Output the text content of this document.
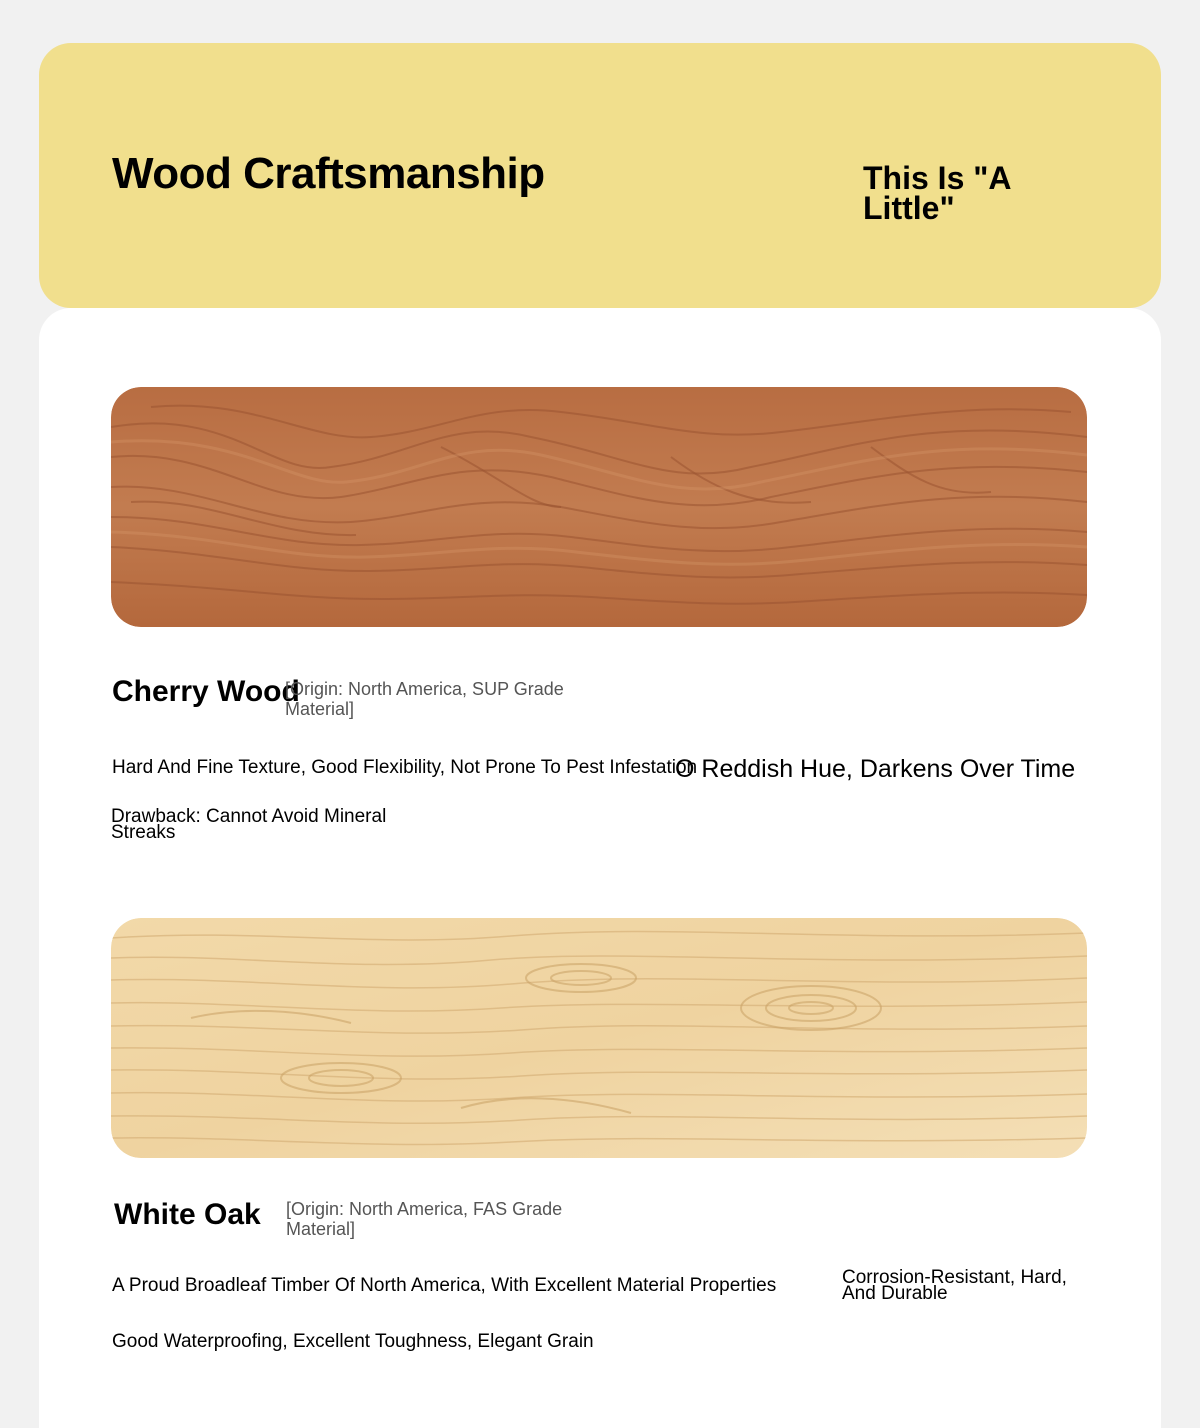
Wood Craftsmanship	This Is "A Little"
Cherry Wood
[Origin: North America, SUP Grade Material]
Hard And Fine Texture, Good Flexibility, Not Prone To Pest Infestation
O Reddish Hue, Darkens Over Time
Drawback: Cannot Avoid Mineral Streaks
White Oak [Origin: North America, FAS Grade Material]
A Proud Broadleaf Timber Of North America, With Excellent Material Properties	Corrosion-Resistant, Hard, And Durable
Good Waterproofing, Excellent Toughness, Elegant Grain
